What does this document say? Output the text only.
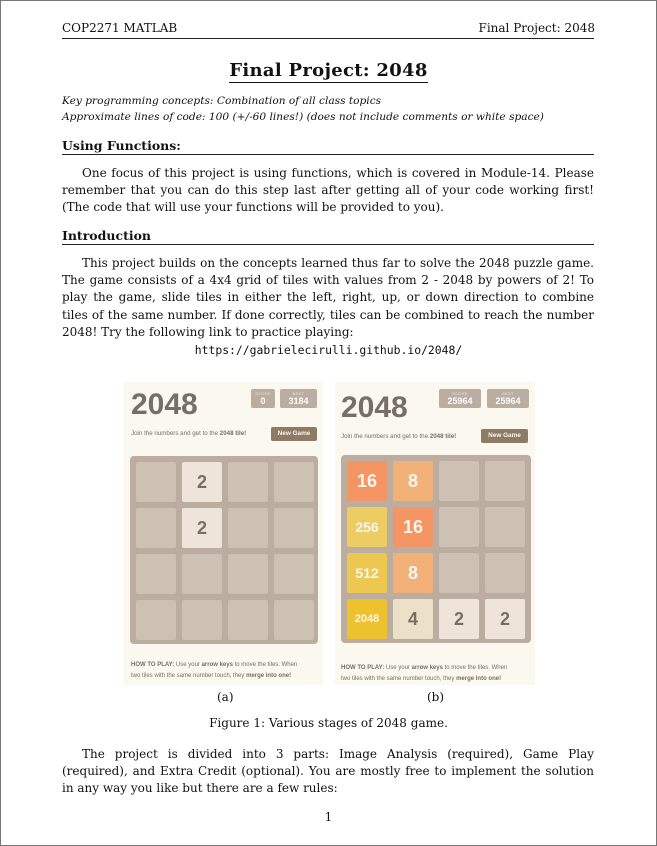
COP2271 MATLAB	Final Project: 2048
Final Project: 2048
Key programming concepts: Combination of all class topics
Approximate lines of code: 100 (+/-60 lines!) (does not include comments or white space)
Using Functions:
One focus of this project is using functions, which is covered in Module-14. Please remember that you can do this step last after getting all of your code working first! (The code that will use your functions will be provided to you).
Introduction
This project builds on the concepts learned thus far to solve the 2048 puzzle game. The game consists of a 4x4 grid of tiles with values from 2 - 2048 by powers of 2! To play the game, slide tiles in either the left, right, up, or down direction to combine tiles of the same number. If done correctly, tiles can be combined to reach the number 2048! Try the following link to practice playing:
https://gabrielecirulli.github.io/2048/
2048	SCORE
0
BEST
3184
Join the numbers and get to the 2048 tile!	New Game
2
2
HOW TO PLAY: Use your arrow keys to move the tiles. When
two tiles with the same number touch, they merge into one!
2048	SCORE
25964
BEST
25964
Join the numbers and get to the 2048 tile!	New Game
16	8
256	16
512	8
2048	4	2	2
HOW TO PLAY: Use your arrow keys to move the tiles. When
two tiles with the same number touch, they merge into one!
(a)	(b)
Figure 1: Various stages of 2048 game.
The project is divided into 3 parts: Image Analysis (required), Game Play (required), and Extra Credit (optional). You are mostly free to implement the solution in any way you like but there are a few rules:
1
